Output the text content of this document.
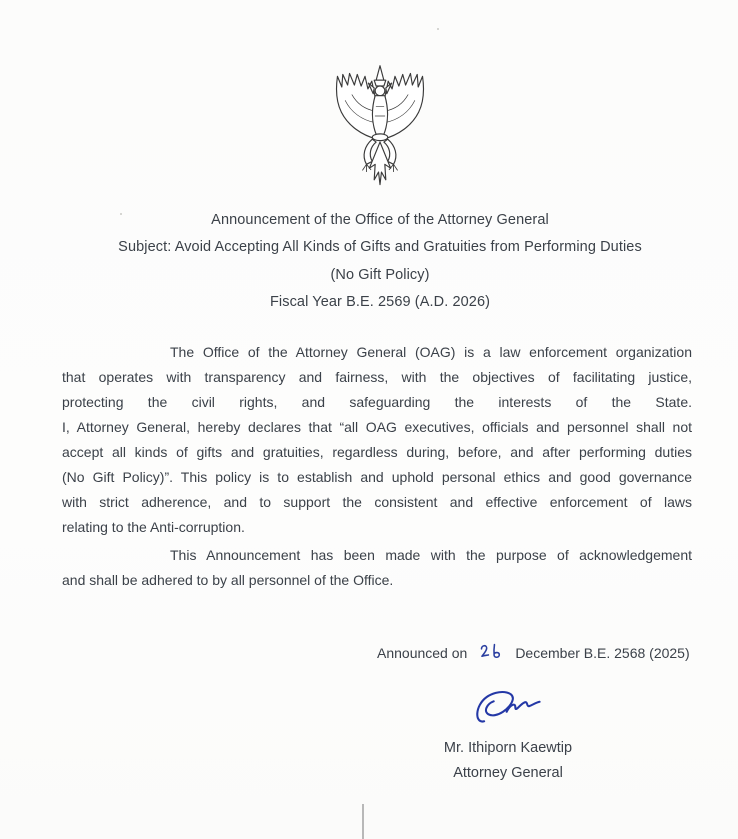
Announcement of the Office of the Attorney General
Subject: Avoid Accepting All Kinds of Gifts and Gratuities from Performing Duties
(No Gift Policy)
Fiscal Year B.E. 2569 (A.D. 2026)
The Office of the Attorney General (OAG) is a law enforcement organization
that operates with transparency and fairness, with the objectives of facilitating justice,
protecting the civil rights, and safeguarding the interests of the State.
I, Attorney General, hereby declares that “all OAG executives, officials and personnel shall not
accept all kinds of gifts and gratuities, regardless during, before, and after performing duties
(No Gift Policy)”. This policy is to establish and uphold personal ethics and good governance
with strict adherence, and to support the consistent and effective enforcement of laws
relating to the Anti-corruption.
This Announcement has been made with the purpose of acknowledgement
and shall be adhered to by all personnel of the Office.
Announced on	December B.E. 2568 (2025)
Mr. Ithiporn Kaewtip
Attorney General
